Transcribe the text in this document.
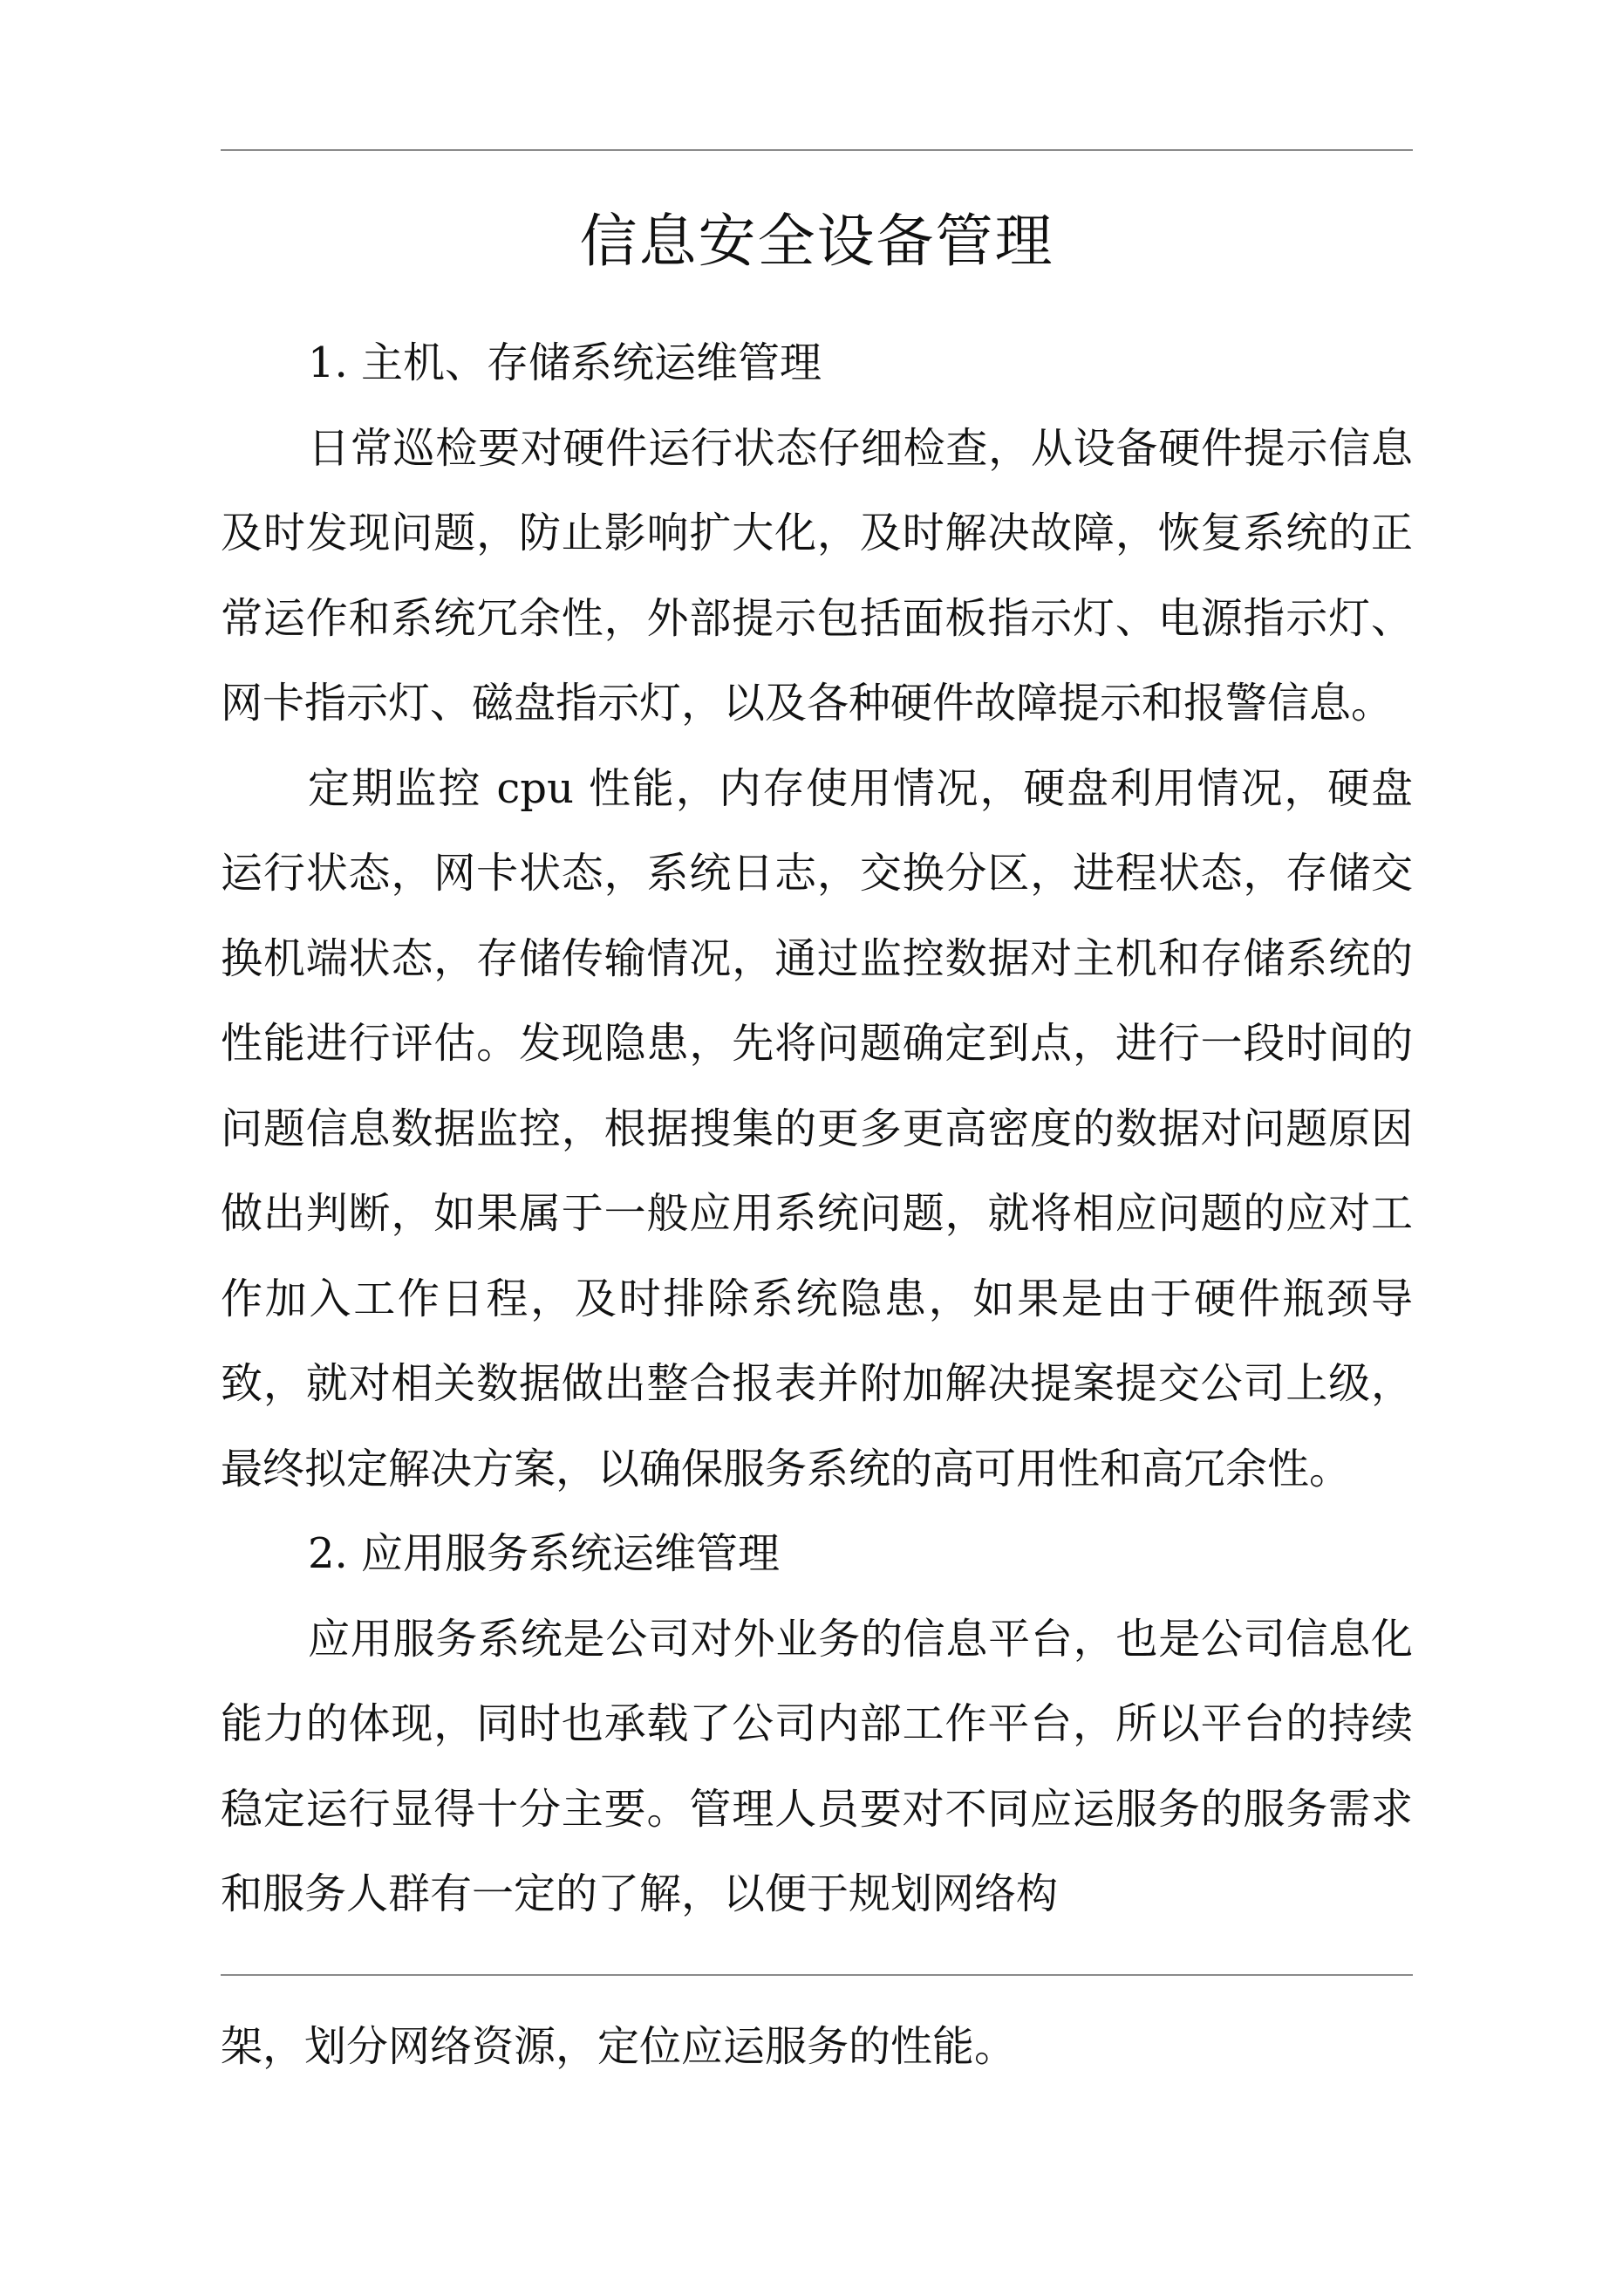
信息安全设备管理

1. 主机、存储系统运维管理

日常巡检要对硬件运行状态仔细检查，从设备硬件提示信息及时发现问题，防止影响扩大化，及时解决故障，恢复系统的正常运作和系统冗余性，外部提示包括面板指示灯、电源指示灯、网卡指示灯、磁盘指示灯，以及各种硬件故障提示和报警信息。

定期监控 cpu 性能，内存使用情况，硬盘利用情况，硬盘运行状态，网卡状态，系统日志，交换分区，进程状态，存储交换机端状态，存储传输情况，通过监控数据对主机和存储系统的性能进行评估。发现隐患，先将问题确定到点，进行一段时间的问题信息数据监控，根据搜集的更多更高密度的数据对问题原因做出判断，如果属于一般应用系统问题，就将相应问题的应对工作加入工作日程，及时排除系统隐患，如果是由于硬件瓶颈导致，就对相关数据做出整合报表并附加解决提案提交公司上级，最终拟定解决方案，以确保服务系统的高可用性和高冗余性。

2. 应用服务系统运维管理

应用服务系统是公司对外业务的信息平台，也是公司信息化能力的体现，同时也承载了公司内部工作平台，所以平台的持续稳定运行显得十分主要。管理人员要对不同应运服务的服务需求和服务人群有一定的了解，以便于规划网络构

架，划分网络资源，定位应运服务的性能。
